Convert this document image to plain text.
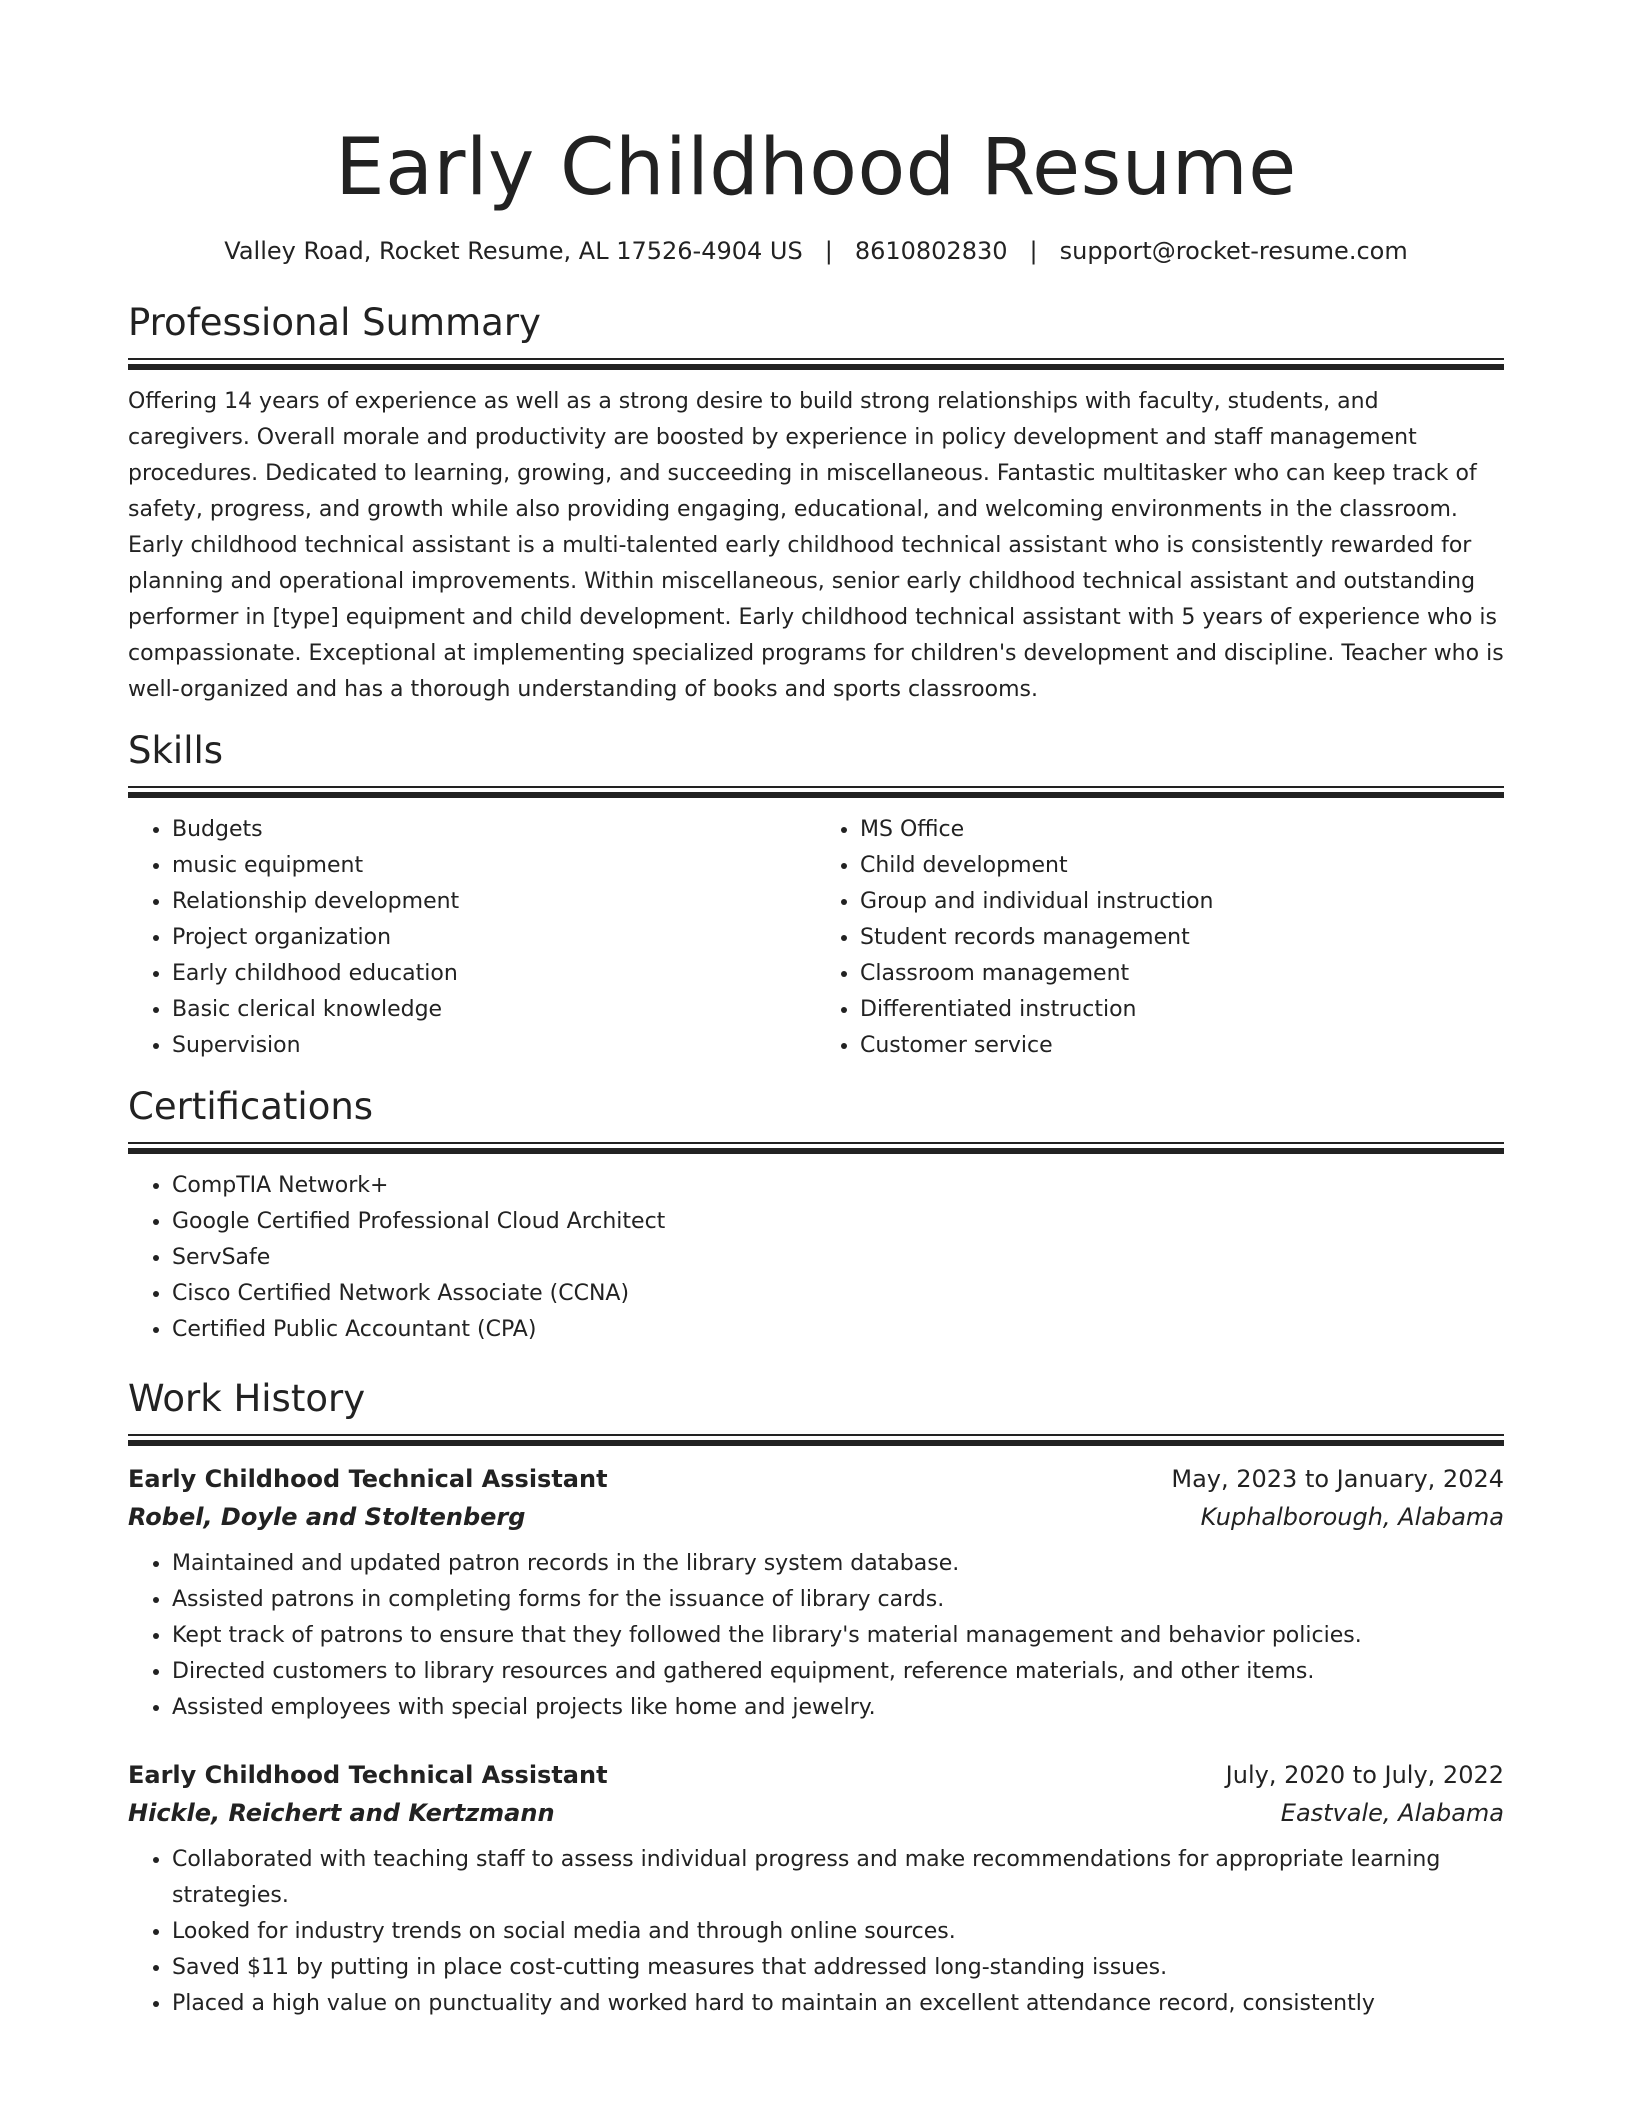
Early Childhood Resume
Valley Road, Rocket Resume, AL 17526-4904 US | 8610802830 | support@rocket-resume.com
Professional Summary

Offering 14 years of experience as well as a strong desire to build strong relationships with faculty, students, and caregivers. Overall morale and productivity are boosted by experience in policy development and staff management procedures. Dedicated to learning, growing, and succeeding in miscellaneous. Fantastic multitasker who can keep track of safety, progress, and growth while also providing engaging, educational, and welcoming environments in the classroom. Early childhood technical assistant is a multi-talented early childhood technical assistant who is consistently rewarded for planning and operational improvements. Within miscellaneous, senior early childhood technical assistant and outstanding performer in [type] equipment and child development. Early childhood technical assistant with 5 years of experience who is compassionate. Exceptional at implementing specialized programs for children's development and discipline. Teacher who is well-organized and has a thorough understanding of books and sports classrooms.

Skills
• Budgets
• music equipment
• Relationship development
• Project organization
• Early childhood education
• Basic clerical knowledge
• Supervision
• MS Office
• Child development
• Group and individual instruction
• Student records management
• Classroom management
• Differentiated instruction
• Customer service
Certifications
• CompTIA Network+
• Google Certified Professional Cloud Architect
• ServSafe
• Cisco Certified Network Associate (CCNA)
• Certified Public Accountant (CPA)
Work History
Early Childhood Technical Assistant	May, 2023 to January, 2024
Robel, Doyle and Stoltenberg	Kuphalborough, Alabama
• Maintained and updated patron records in the library system database.
• Assisted patrons in completing forms for the issuance of library cards.
• Kept track of patrons to ensure that they followed the library's material management and behavior policies.
• Directed customers to library resources and gathered equipment, reference materials, and other items.
• Assisted employees with special projects like home and jewelry.
Early Childhood Technical Assistant	July, 2020 to July, 2022
Hickle, Reichert and Kertzmann	Eastvale, Alabama
• Collaborated with teaching staff to assess individual progress and make recommendations for appropriate learning strategies.
• Looked for industry trends on social media and through online sources.
• Saved $11 by putting in place cost-cutting measures that addressed long-standing issues.
• Placed a high value on punctuality and worked hard to maintain an excellent attendance record, consistently
